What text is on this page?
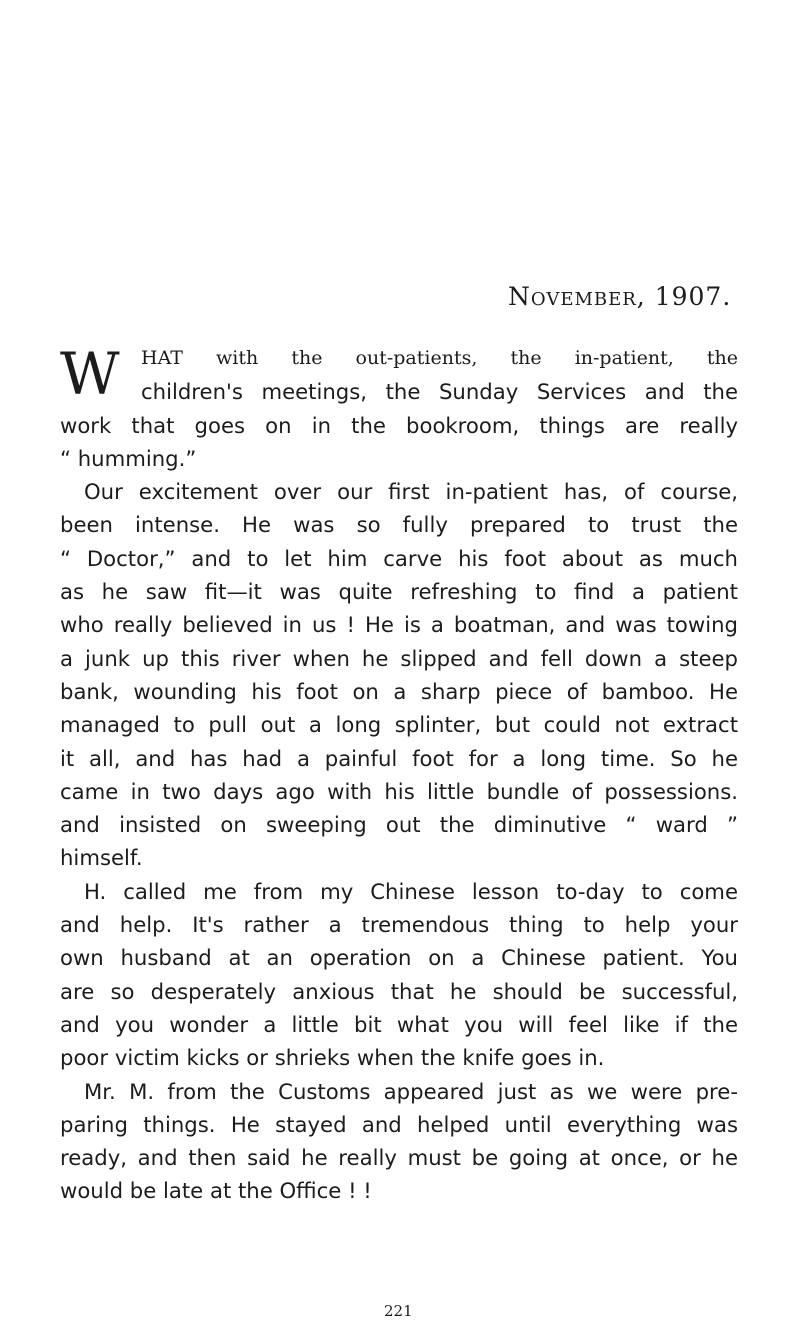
November, 1907.
W	HAT with the out-patients, the in-patient, the
children's meetings, the Sunday Services and the
work that goes on in the bookroom, things are really
“ humming.”
Our excitement over our first in-patient has, of course,
been intense. He was so fully prepared to trust the
“ Doctor,” and to let him carve his foot about as much
as he saw fit—it was quite refreshing to find a patient
who really believed in us ! He is a boatman, and was towing
a junk up this river when he slipped and fell down a steep
bank, wounding his foot on a sharp piece of bamboo. He
managed to pull out a long splinter, but could not extract
it all, and has had a painful foot for a long time. So he
came in two days ago with his little bundle of possessions.
and insisted on sweeping out the diminutive “ ward ”
himself.
H. called me from my Chinese lesson to-day to come
and help. It's rather a tremendous thing to help your
own husband at an operation on a Chinese patient. You
are so desperately anxious that he should be successful,
and you wonder a little bit what you will feel like if the
poor victim kicks or shrieks when the knife goes in.
Mr. M. from the Customs appeared just as we were pre-
paring things. He stayed and helped until everything was
ready, and then said he really must be going at once, or he
would be late at the Office ! !
221
